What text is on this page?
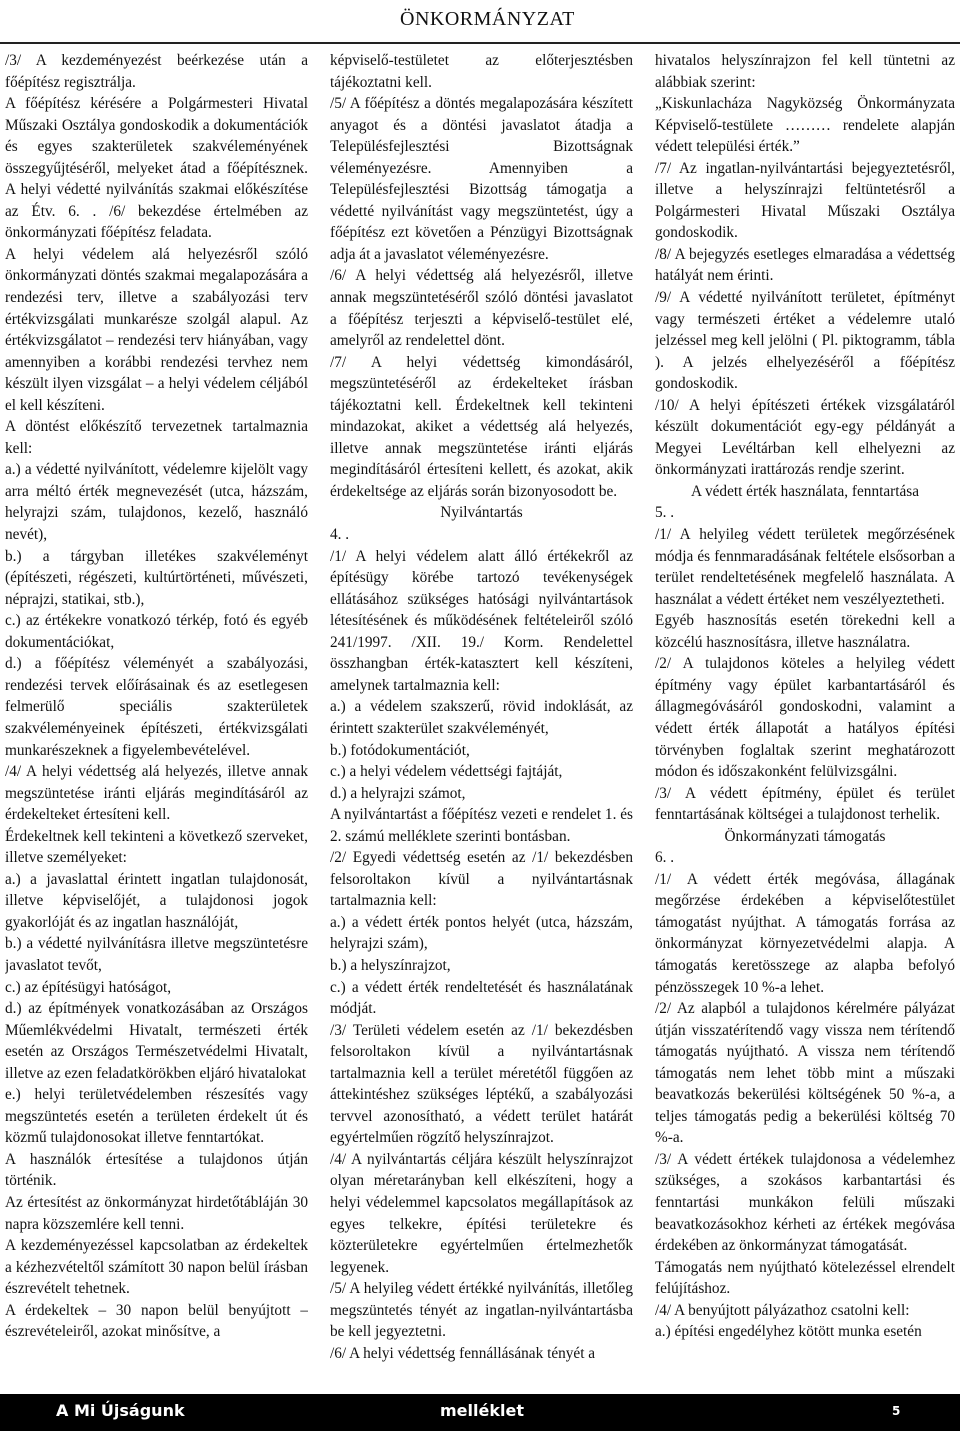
ÖNKORMÁNYZAT

/3/ A kezdeményezést beérkezése után a főépítész regisztrálja.

A főépítész kérésére a Polgármesteri Hivatal Műszaki Osztálya gondoskodik a dokumentációk és egyes szakterületek szakvéleményének összegyűjtéséről, melyeket átad a főépítésznek. A helyi védetté nyilvánítás szakmai előkészítése az Étv. 6. . /6/ bekezdése értelmében az önkormányzati főépítész feladata.

A helyi védelem alá helyezésről szóló önkormányzati döntés szakmai megalapozására a rendezési terv, illetve a szabályozási terv értékvizsgálati munkarésze szolgál alapul. Az értékvizsgálatot – rendezési terv hiányában, vagy amennyiben a korábbi rendezési tervhez nem készült ilyen vizsgálat – a helyi védelem céljából el kell készíteni.

A döntést előkészítő tervezetnek tartalmaznia kell:

a.) a védetté nyilvánított, védelemre kijelölt vagy arra méltó érték megnevezését (utca, házszám, helyrajzi szám, tulajdonos, kezelő, használó nevét),

b.) a tárgyban illetékes szakvéleményt (építészeti, régészeti, kultúrtörténeti, művészeti, néprajzi, statikai, stb.),

c.) az értékekre vonatkozó térkép, fotó és egyéb dokumentációkat,

d.) a főépítész véleményét a szabályozási, rendezési tervek előírásainak és az esetlegesen felmerülő speciális szakterületek szakvéleményeinek építészeti, értékvizsgálati munkarészeknek a figyelembevételével.

/4/ A helyi védettség alá helyezés, illetve annak megszüntetése iránti eljárás megindításáról az érdekelteket értesíteni kell.

Érdekeltnek kell tekinteni a következő szerveket, illetve személyeket:

a.) a javaslattal érintett ingatlan tulajdonosát, illetve képviselőjét, a tulajdonosi jogok gyakorlóját és az ingatlan használóját,

b.) a védetté nyilvánításra illetve megszüntetésre javaslatot tevőt,

c.) az építésügyi hatóságot,

d.) az építmények vonatkozásában az Országos Műemlékvédelmi Hivatalt, természeti érték esetén az Országos Természetvédelmi Hivatalt, illetve az ezen feladatkörökben eljáró hivatalokat

e.) helyi területvédelemben részesítés vagy megszüntetés esetén a területen érdekelt út és közmű tulajdonosokat illetve fenntartókat.

A használók értesítése a tulajdonos útján történik.

Az értesítést az önkormányzat hirdetőtábláján 30 napra közszemlére kell tenni.

A kezdeményezéssel kapcsolatban az érdekeltek a kézhezvételtől számított 30 napon belül írásban észrevételt tehetnek.

A érdekeltek – 30 napon belül benyújtott – észrevételeiről, azokat minősítve, a

képviselő-testületet az előterjesztésben tájékoztatni kell.

/5/ A főépítész a döntés megalapozására készített anyagot és a döntési javaslatot átadja a Településfejlesztési Bizottságnak véleményezésre. Amennyiben a Településfejlesztési Bizottság támogatja a védetté nyilvánítást vagy megszüntetést, úgy a főépítész ezt követően a Pénzügyi Bizottságnak adja át a javaslatot véleményezésre.

/6/ A helyi védettség alá helyezésről, illetve annak megszüntetéséről szóló döntési javaslatot a főépítész terjeszti a képviselő-testület elé, amelyről az rendelettel dönt.

/7/ A helyi védettség kimondásáról, megszüntetéséről az érdekelteket írásban tájékoztatni kell. Érdekeltnek kell tekinteni mindazokat, akiket a védettség alá helyezés, illetve annak megszüntetése iránti eljárás megindításáról értesíteni kellett, és azokat, akik érdekeltsége az eljárás során bizonyosodott be.

Nyilvántartás

4. .

/1/ A helyi védelem alatt álló értékekről az építésügy körébe tartozó tevékenységek ellátásához szükséges hatósági nyilvántartások létesítésének és működésének feltételeiről szóló 241/1997. /XII. 19./ Korm. Rendelettel összhangban érték-katasztert kell készíteni, amelynek tartalmaznia kell:

a.) a védelem szakszerű, rövid indoklását, az érintett szakterület szakvéleményét,

b.) fotódokumentációt,

c.) a helyi védelem védettségi fajtáját,

d.) a helyrajzi számot,

A nyilvántartást a főépítész vezeti e rendelet 1. és 2. számú melléklete szerinti bontásban.

/2/ Egyedi védettség esetén az /1/ bekezdésben felsoroltakon kívül a nyilvántartásnak tartalmaznia kell:

a.) a védett érték pontos helyét (utca, házszám, helyrajzi szám),

b.) a helyszínrajzot,

c.) a védett érték rendeltetését és használatának módját.

/3/ Területi védelem esetén az /1/ bekezdésben felsoroltakon kívül a nyilvántartásnak tartalmaznia kell a terület méretétől függően az áttekintéshez szükséges léptékű, a szabályozási tervvel azonosítható, a védett terület határát egyértelműen rögzítő helyszínrajzot.

/4/ A nyilvántartás céljára készült helyszínrajzot olyan méretarányban kell elkészíteni, hogy a helyi védelemmel kapcsolatos megállapítások az egyes telkekre, építési területekre és közterületekre egyértelműen értelmezhetők legyenek.

/5/ A helyileg védett értékké nyilvánítás, illetőleg megszüntetés tényét az ingatlan-nyilvántartásba be kell jegyeztetni.

/6/ A helyi védettség fennállásának tényét a

hivatalos helyszínrajzon fel kell tüntetni az alábbiak szerint:

„Kiskunlacháza Nagyközség Önkormányzata Képviselő-testülete ……… rendelete alapján védett települési érték.”

/7/ Az ingatlan-nyilvántartási bejegyeztetésről, illetve a helyszínrajzi feltüntetésről a Polgármesteri Hivatal Műszaki Osztálya gondoskodik.

/8/ A bejegyzés esetleges elmaradása a védettség hatályát nem érinti.

/9/ A védetté nyilvánított területet, építményt vagy természeti értéket a védelemre utaló jelzéssel meg kell jelölni ( Pl. piktogramm, tábla ). A jelzés elhelyezéséről a főépítész gondoskodik.

/10/ A helyi építészeti értékek vizsgálatáról készült dokumentációt egy-egy példányát a Megyei Levéltárban kell elhelyezni az önkormányzati irattározás rendje szerint.

A védett érték használata, fenntartása

5. .

/1/ A helyileg védett területek megőrzésének módja és fennmaradásának feltétele elsősorban a terület rendeltetésének megfelelő használata. A használat a védett értéket nem veszélyeztetheti.

Egyéb hasznosítás esetén törekedni kell a közcélú hasznosításra, illetve használatra.

/2/ A tulajdonos köteles a helyileg védett építmény vagy épület karbantartásáról és állagmegóvásáról gondoskodni, valamint a védett érték állapotát a hatályos építési törvényben foglaltak szerint meghatározott módon és időszakonként felülvizsgálni.

/3/ A védett építmény, épület és terület fenntartásának költségei a tulajdonost terhelik.

Önkormányzati támogatás

6. .

/1/ A védett érték megóvása, állagának megőrzése érdekében a képviselőtestület támogatást nyújthat. A támogatás forrása az önkormányzat környezetvédelmi alapja. A támogatás keretösszege az alapba befolyó pénzösszegek 10 %-a lehet.

/2/ Az alapból a tulajdonos kérelmére pályázat útján visszatérítendő vagy vissza nem térítendő támogatás nyújtható. A vissza nem térítendő támogatás nem lehet több mint a műszaki beavatkozás bekerülési költségének 50 %-a, a teljes támogatás pedig a bekerülési költség 70 %-a.

/3/ A védett értékek tulajdonosa a védelemhez szükséges, a szokásos karbantartási és fenntartási munkákon felüli műszaki beavatkozásokhoz kérheti az értékek megóvása érdekében az önkormányzat támogatását.

Támogatás nem nyújtható kötelezéssel elrendelt felújításhoz.

/4/ A benyújtott pályázathoz csatolni kell:

a.) építési engedélyhez kötött munka esetén

A Mi Újságunk	melléklet	5
